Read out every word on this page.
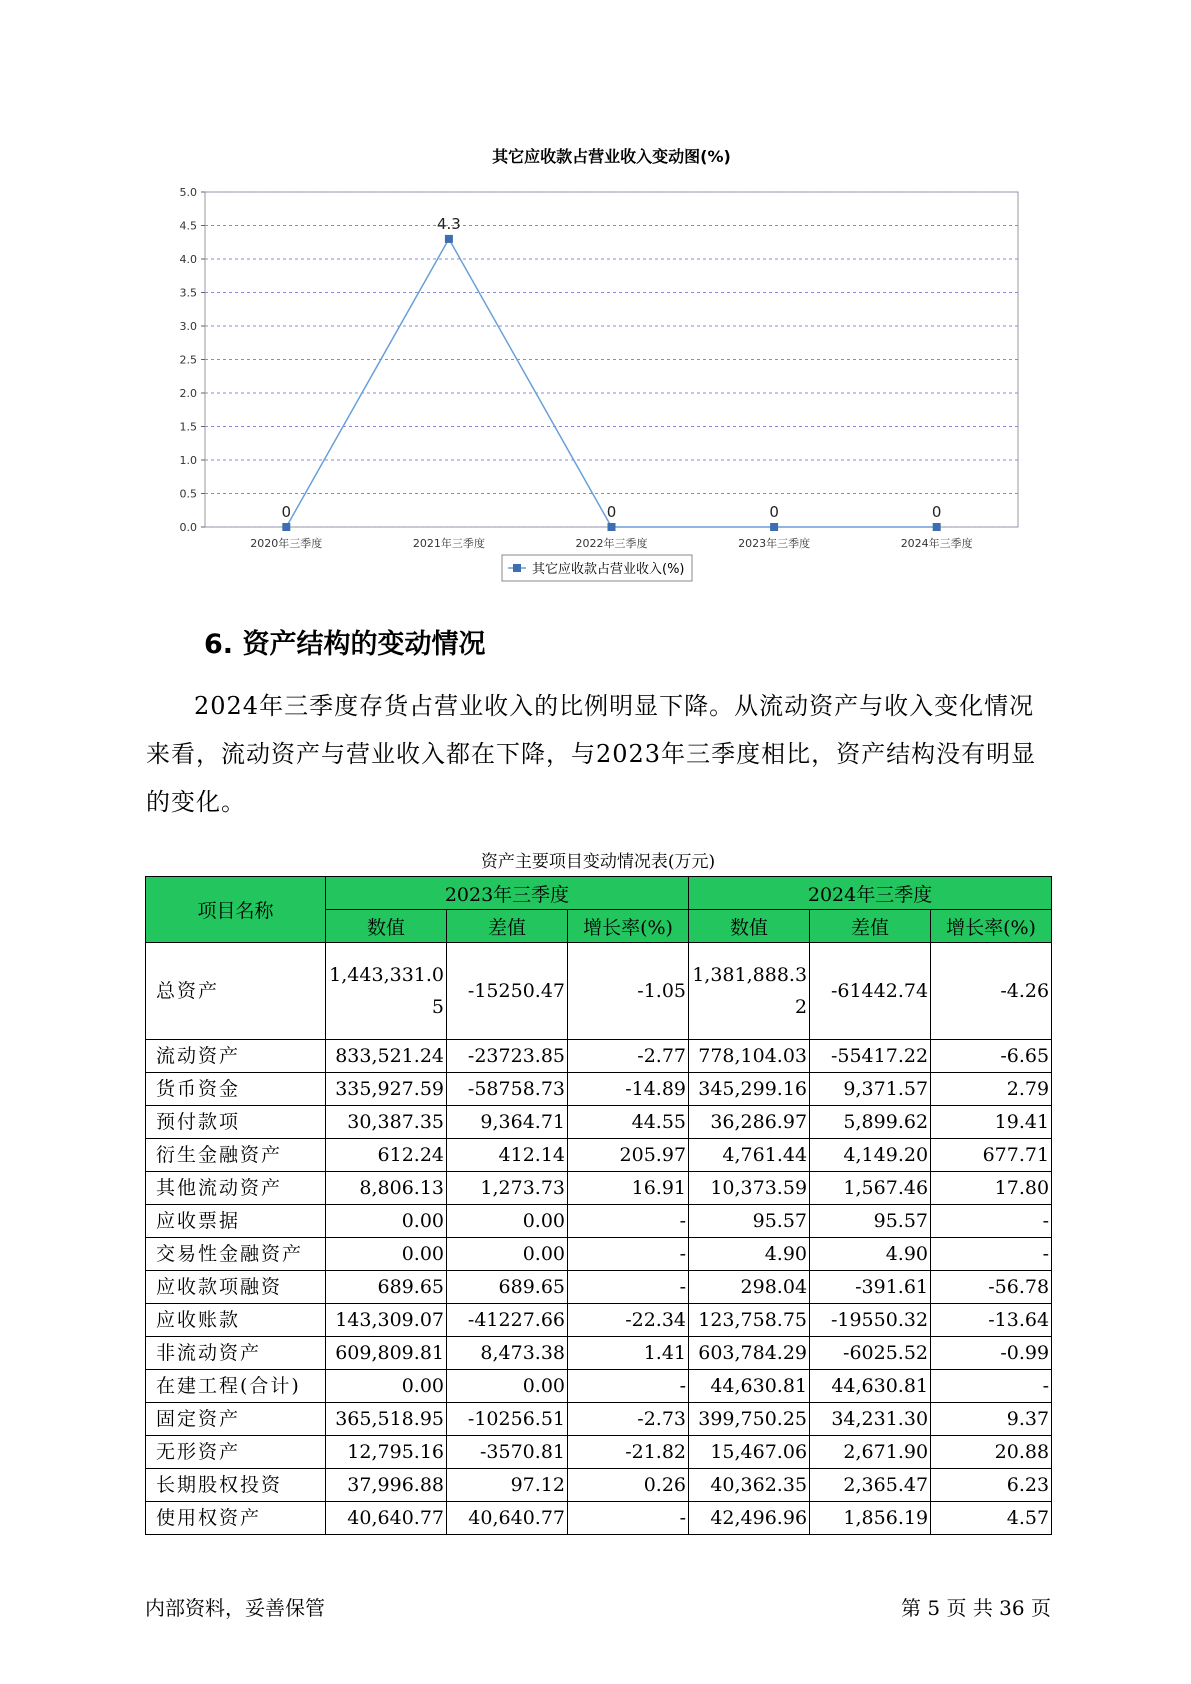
其它应收款占营业收入变动图(%)
0.0
0.5
1.0
1.5
2.0
2.5
3.0
3.5
4.0
4.5
5.0
2020年三季度	2021年三季度	2022年三季度	2023年三季度	2024年三季度
0
4.3
0	0	0
其它应收款占营业收入(%)
6. 资产结构的变动情况

2024年三季度存货占营业收入的比例明显下降。从流动资产与收入变化情况来看，流动资产与营业收入都在下降，与2023年三季度相比，资产结构没有明显的变化。

资产主要项目变动情况表(万元)
项目名称	2023年三季度			2024年三季度		
	数值	差值	增长率(%)	数值	差值	增长率(%)
总资产	1,443,331.05	-15250.47	-1.05	1,381,888.32	-61442.74	-4.26
流动资产	833,521.24	-23723.85	-2.77	778,104.03	-55417.22	-6.65
货币资金	335,927.59	-58758.73	-14.89	345,299.16	9,371.57	2.79
预付款项	30,387.35	9,364.71	44.55	36,286.97	5,899.62	19.41
衍生金融资产	612.24	412.14	205.97	4,761.44	4,149.20	677.71
其他流动资产	8,806.13	1,273.73	16.91	10,373.59	1,567.46	17.80
应收票据	0.00	0.00	-	95.57	95.57	-
交易性金融资产	0.00	0.00	-	4.90	4.90	-
应收款项融资	689.65	689.65	-	298.04	-391.61	-56.78
应收账款	143,309.07	-41227.66	-22.34	123,758.75	-19550.32	-13.64
非流动资产	609,809.81	8,473.38	1.41	603,784.29	-6025.52	-0.99
在建工程(合计)	0.00	0.00	-	44,630.81	44,630.81	-
固定资产	365,518.95	-10256.51	-2.73	399,750.25	34,231.30	9.37
无形资产	12,795.16	-3570.81	-21.82	15,467.06	2,671.90	20.88
长期股权投资	37,996.88	97.12	0.26	40,362.35	2,365.47	6.23
使用权资产	40,640.77	40,640.77	-	42,496.96	1,856.19	4.57
内部资料，妥善保管	第 5 页 共 36 页
